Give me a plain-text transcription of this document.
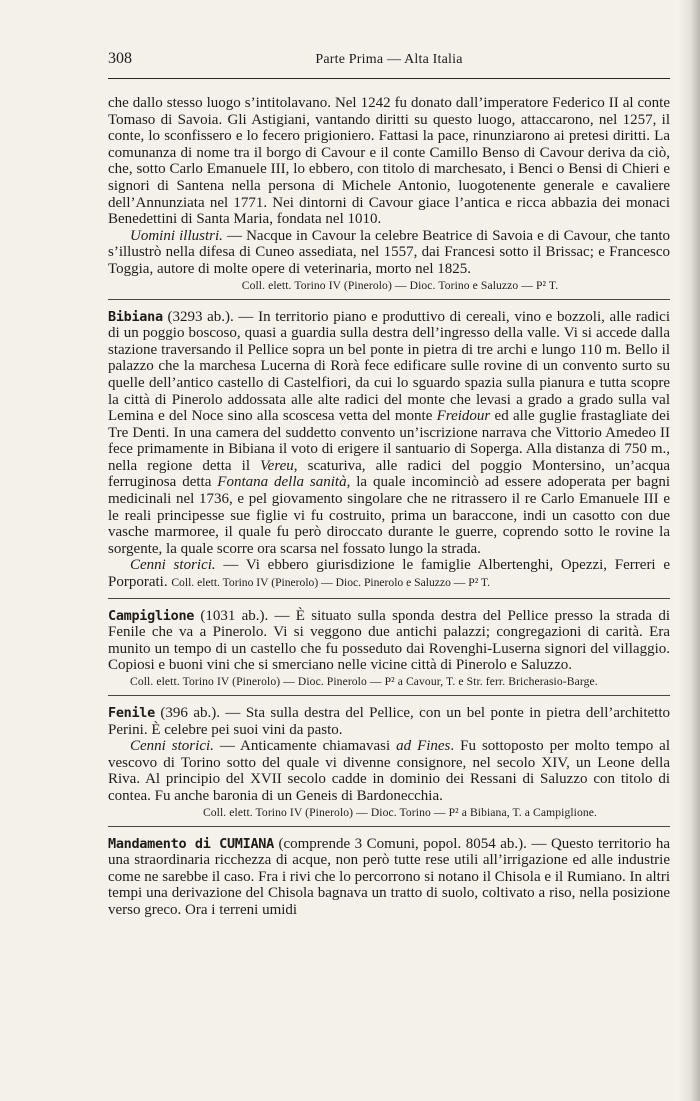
308	Parte Prima — Alta Italia

che dallo stesso luogo s’intitolavano. Nel 1242 fu donato dall’imperatore Federico II al conte Tomaso di Savoia. Gli Astigiani, vantando diritti su questo luogo, attaccarono, nel 1257, il conte, lo sconfissero e lo fecero prigioniero. Fattasi la pace, rinunziarono ai pretesi diritti. La comunanza di nome tra il borgo di Cavour e il conte Camillo Benso di Cavour deriva da ciò, che, sotto Carlo Emanuele III, lo ebbero, con titolo di marchesato, i Benci o Bensi di Chieri e signori di Santena nella persona di Michele Antonio, luogotenente generale e cavaliere dell’Annunziata nel 1771. Nei dintorni di Cavour giace l’antica e ricca abbazia dei monaci Benedettini di Santa Maria, fondata nel 1010.

Uomini illustri. — Nacque in Cavour la celebre Beatrice di Savoia e di Cavour, che tanto s’illustrò nella difesa di Cuneo assediata, nel 1557, dai Francesi sotto il Brissac; e Francesco Toggia, autore di molte opere di veterinaria, morto nel 1825.

Coll. elett. Torino IV (Pinerolo) — Dioc. Torino e Saluzzo — P² T.

Bibiana (3293 ab.). — In territorio piano e produttivo di cereali, vino e bozzoli, alle radici di un poggio boscoso, quasi a guardia sulla destra dell’ingresso della valle. Vi si accede dalla stazione traversando il Pellice sopra un bel ponte in pietra di tre archi e lungo 110 m. Bello il palazzo che la marchesa Lucerna di Rorà fece edificare sulle rovine di un convento surto su quelle dell’antico castello di Castelfiori, da cui lo sguardo spazia sulla pianura e tutta scopre la città di Pinerolo addossata alle alte radici del monte che levasi a grado a grado sulla val Lemina e del Noce sino alla scoscesa vetta del monte Freidour ed alle guglie frastagliate dei Tre Denti. In una camera del suddetto convento un’iscrizione narrava che Vittorio Amedeo II fece primamente in Bibiana il voto di erigere il santuario di Soperga. Alla distanza di 750 m., nella regione detta il Vereu, scaturiva, alle radici del poggio Montersino, un’acqua ferruginosa detta Fontana della sanità, la quale incominciò ad essere adoperata per bagni medicinali nel 1736, e pel giovamento singolare che ne ritrassero il re Carlo Emanuele III e le reali principesse sue figlie vi fu costruito, prima un baraccone, indi un casotto con due vasche marmoree, il quale fu però diroccato durante le guerre, coprendo sotto le rovine la sorgente, la quale scorre ora scarsa nel fossato lungo la strada.

Cenni storici. — Vi ebbero giurisdizione le famiglie Albertenghi, Opezzi, Ferreri e Porporati. Coll. elett. Torino IV (Pinerolo) — Dioc. Pinerolo e Saluzzo — P² T.

Campiglione (1031 ab.). — È situato sulla sponda destra del Pellice presso la strada di Fenile che va a Pinerolo. Vi si veggono due antichi palazzi; congregazioni di carità. Era munito un tempo di un castello che fu posseduto dai Rovenghi-Luserna signori del villaggio. Copiosi e buoni vini che si smerciano nelle vicine città di Pinerolo e Saluzzo.

Coll. elett. Torino IV (Pinerolo) — Dioc. Pinerolo — P² a Cavour, T. e Str. ferr. Bricherasio-Barge.

Fenile (396 ab.). — Sta sulla destra del Pellice, con un bel ponte in pietra dell’architetto Perini. È celebre pei suoi vini da pasto.

Cenni storici. — Anticamente chiamavasi ad Fines. Fu sottoposto per molto tempo al vescovo di Torino sotto del quale vi divenne consignore, nel secolo XIV, un Leone della Riva. Al principio del XVII secolo cadde in dominio dei Ressani di Saluzzo con titolo di contea. Fu anche baronia di un Geneis di Bardonecchia.

Coll. elett. Torino IV (Pinerolo) — Dioc. Torino — P² a Bibiana, T. a Campiglione.

Mandamento di CUMIANA (comprende 3 Comuni, popol. 8054 ab.). — Questo territorio ha una straordinaria ricchezza di acque, non però tutte rese utili all’irrigazione ed alle industrie come ne sarebbe il caso. Fra i rivi che lo percorrono si notano il Chisola e il Rumiano. In altri tempi una derivazione del Chisola bagnava un tratto di suolo, coltivato a riso, nella posizione verso greco. Ora i terreni umidi
